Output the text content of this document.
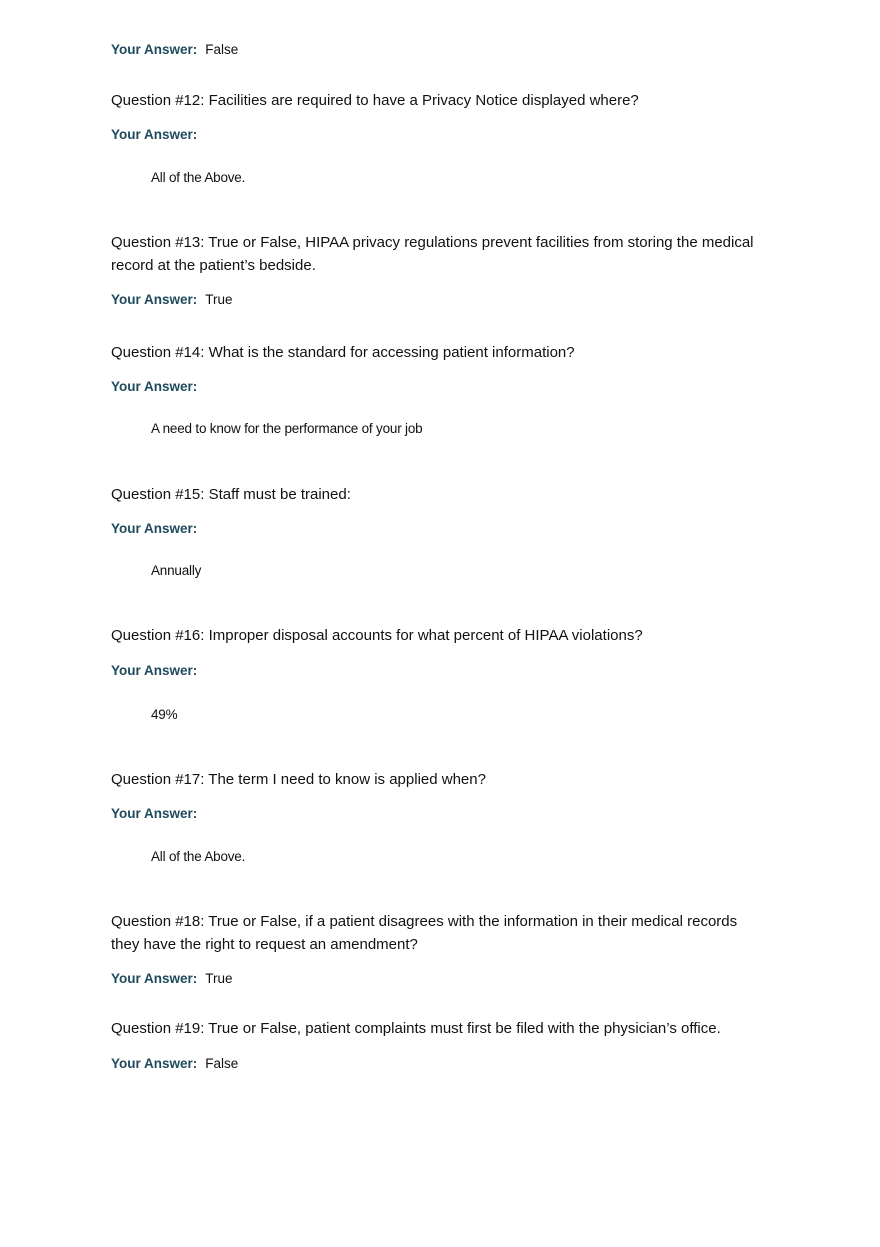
Your Answer: False
Question #12: Facilities are required to have a Privacy Notice displayed where?
Your Answer:
All of the Above.
Question #13: True or False, HIPAA privacy regulations prevent facilities from storing the medical record at the patient’s bedside.
Your Answer: True
Question #14: What is the standard for accessing patient information?
Your Answer:
A need to know for the performance of your job
Question #15: Staff must be trained:
Your Answer:
Annually
Question #16: Improper disposal accounts for what percent of HIPAA violations?
Your Answer:
49%
Question #17: The term I need to know is applied when?
Your Answer:
All of the Above.
Question #18: True or False, if a patient disagrees with the information in their medical records they have the right to request an amendment?
Your Answer: True
Question #19: True or False, patient complaints must first be filed with the physician’s office.
Your Answer: False
